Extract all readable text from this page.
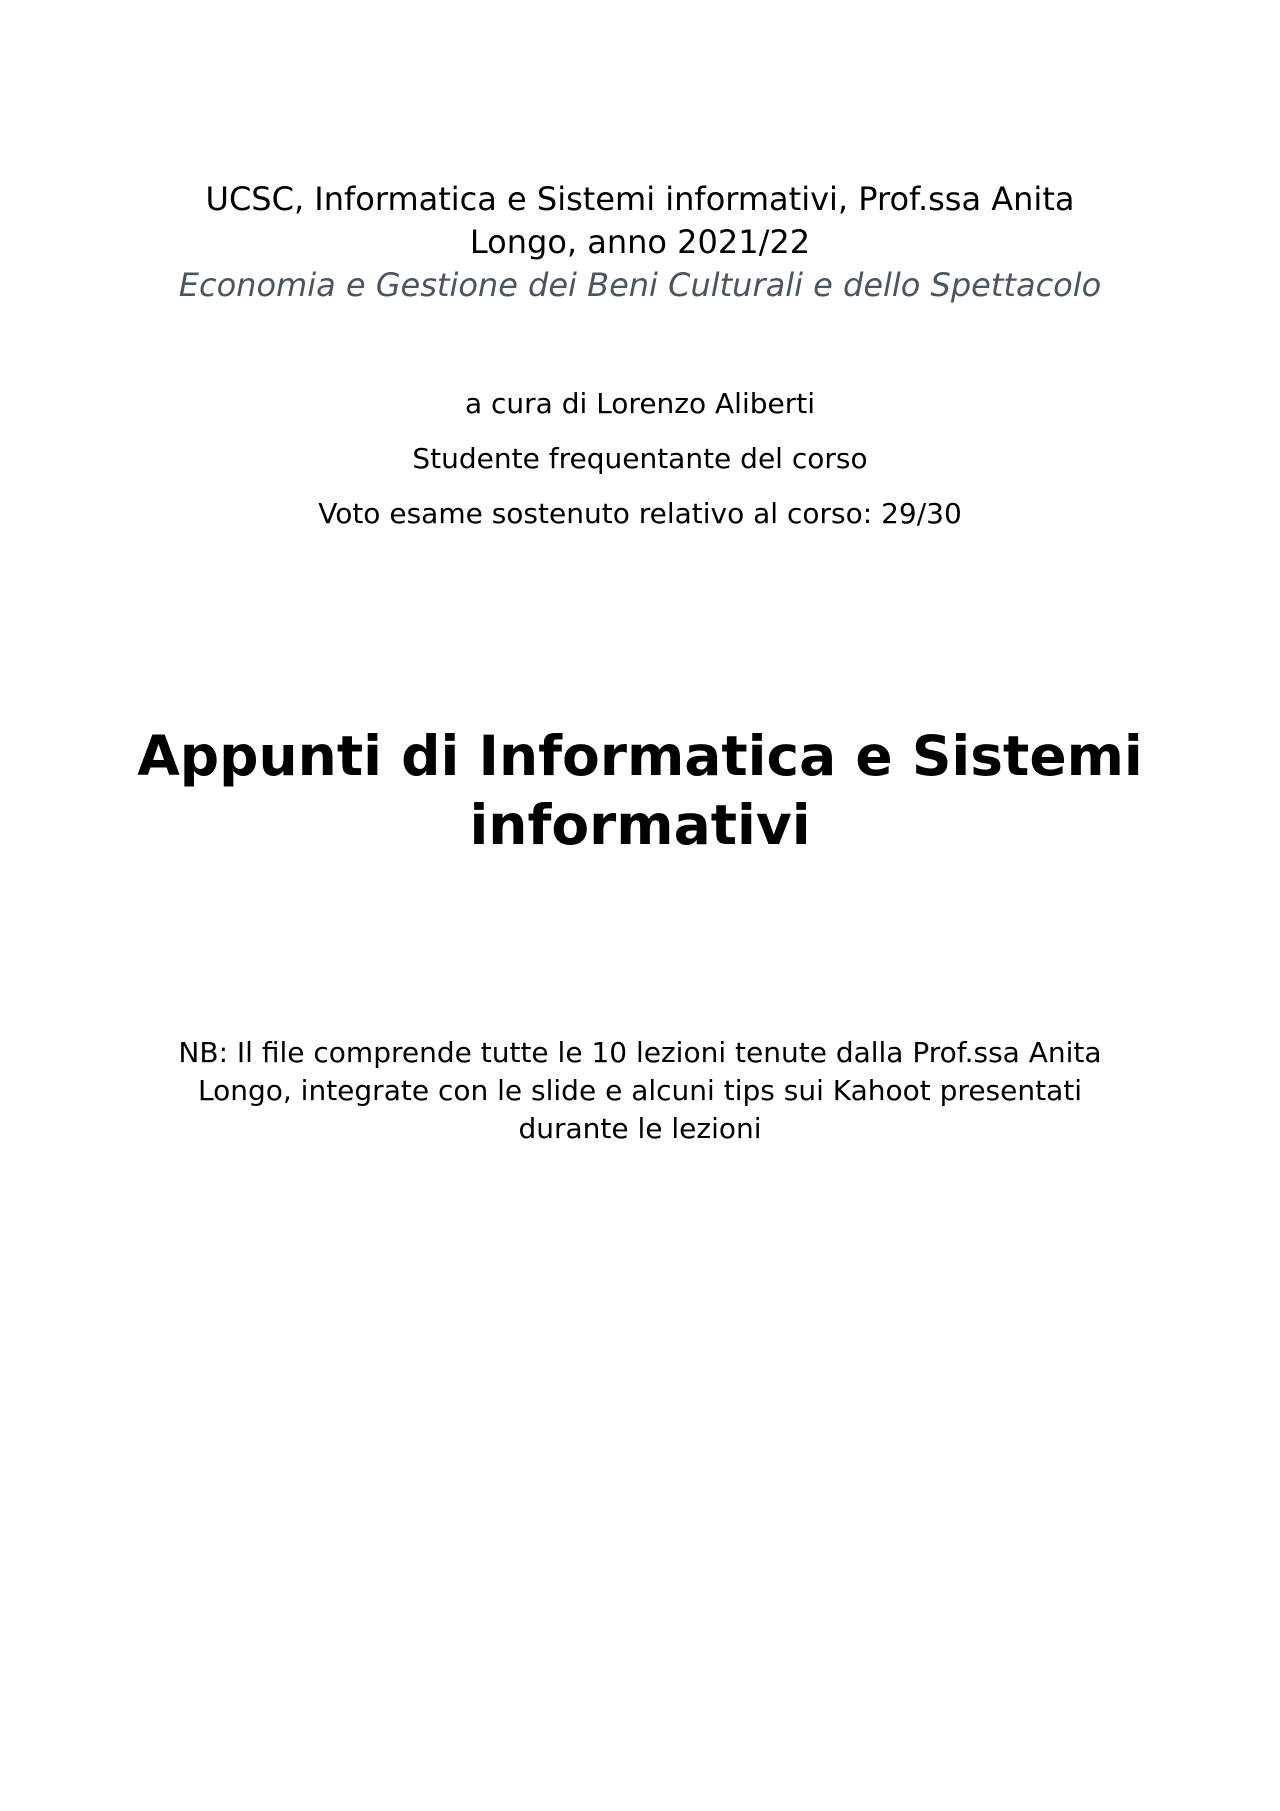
UCSC, Informatica e Sistemi informativi, Prof.ssa Anita
Longo, anno 2021/22
Economia e Gestione dei Beni Culturali e dello Spettacolo
a cura di Lorenzo Aliberti
Studente frequentante del corso
Voto esame sostenuto relativo al corso: 29/30
Appunti di Informatica e Sistemi
informativi
NB: Il file comprende tutte le 10 lezioni tenute dalla Prof.ssa Anita
Longo, integrate con le slide e alcuni tips sui Kahoot presentati
durante le lezioni
